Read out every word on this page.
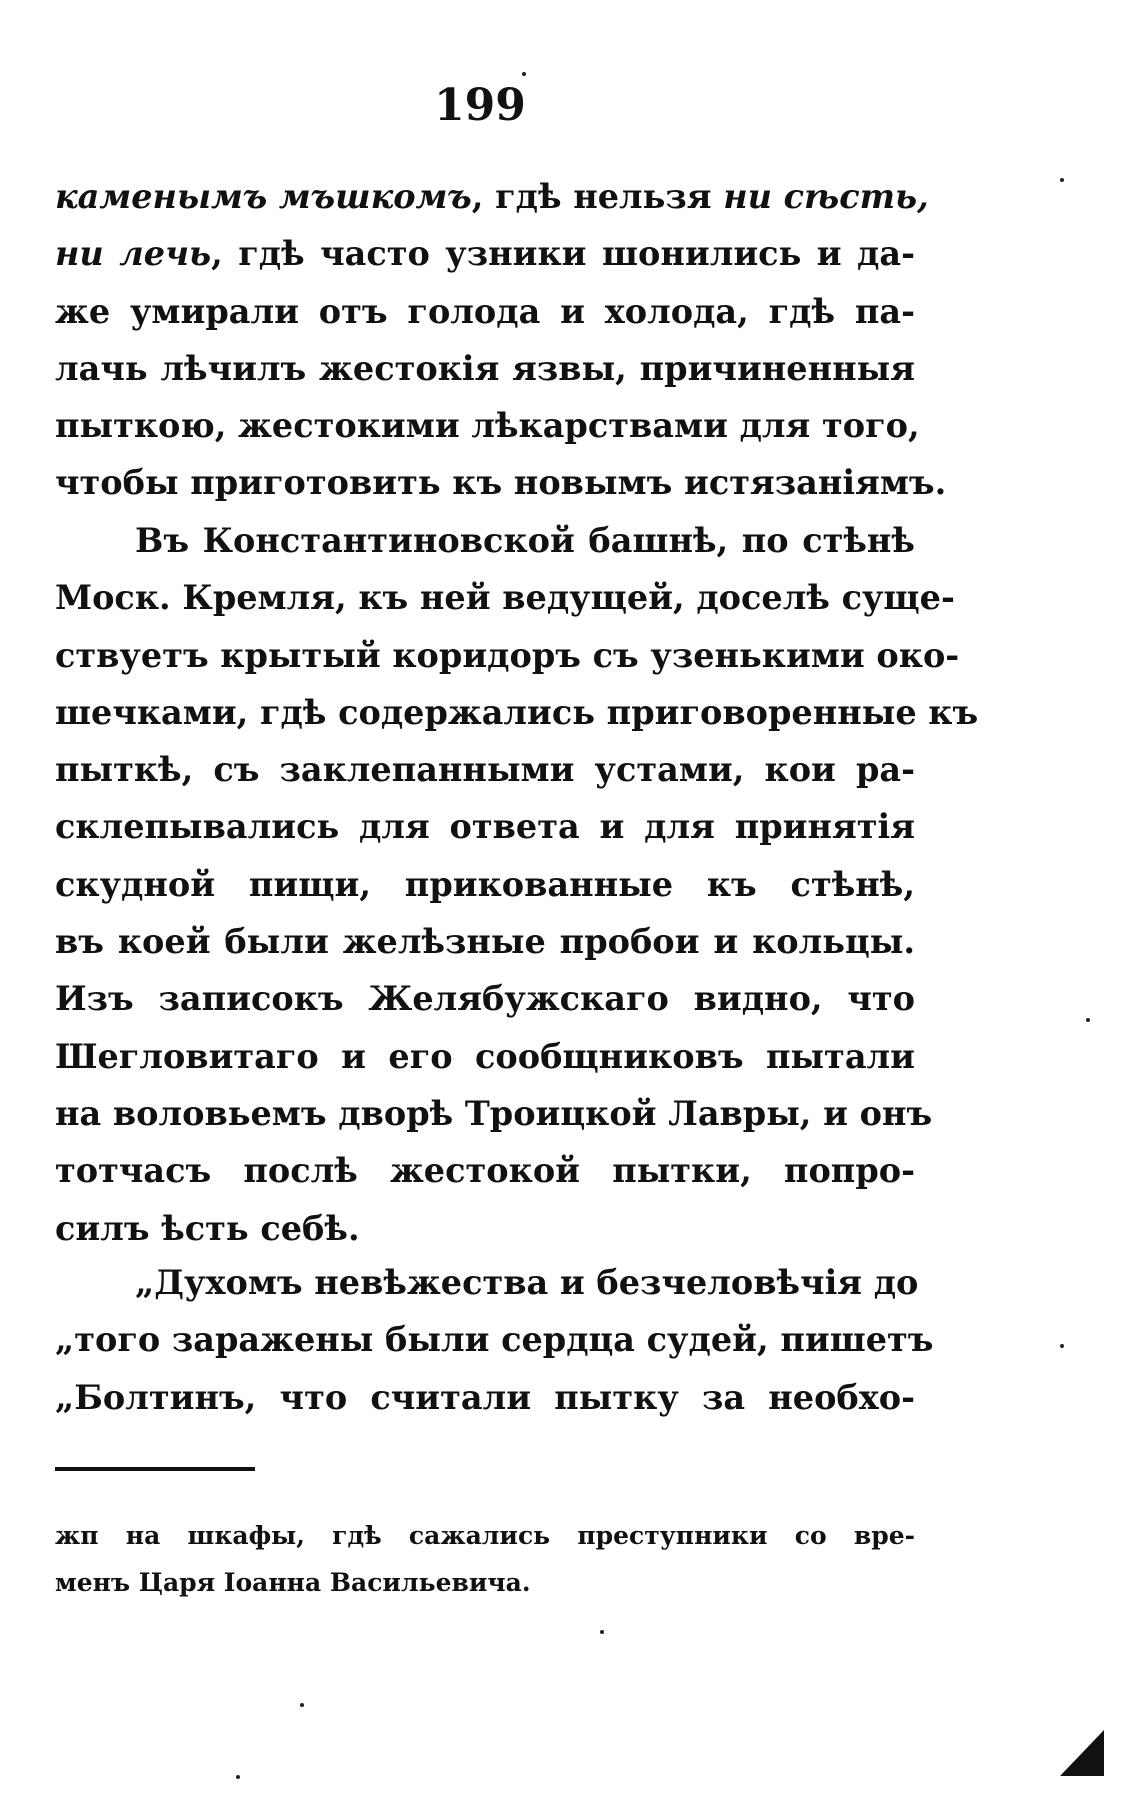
199
каменымъ мъшкомъ, гдѣ нельзя ни сѣсть,
ни лечь, гдѣ часто узники шонились и да-
же умирали отъ голода и холода, гдѣ па-
лачь лѣчилъ жестокія язвы, причиненныя
пыткою, жестокими лѣкарствами для того,
чтобы приготовить къ новымъ истязаніямъ.
Въ Константиновской башнѣ, по стѣнѣ
Моск. Кремля, къ ней ведущей, доселѣ суще-
ствуетъ крытый коридоръ съ узенькими око-
шечками, гдѣ содержались приговоренные къ
пыткѣ, съ заклепанными устами, кои ра-
склепывались для ответа и для принятія
скудной пищи, прикованные къ стѣнѣ,
въ коей были желѣзные пробои и кольцы.
Изъ записокъ Желябужскаго видно, что
Шегловитаго и его сообщниковъ пытали
на воловьемъ дворѣ Троицкой Лавры, и онъ
тотчасъ послѣ жестокой пытки, попро-
силъ ѣсть себѣ.
„Духомъ невѣжества и безчеловѣчія до
„того заражены были сердца судей, пишетъ
„Болтинъ, что считали пытку за необхо-
жп на шкафы, гдѣ сажались преступники со вре-
менъ Царя Іоанна Васильевича.
